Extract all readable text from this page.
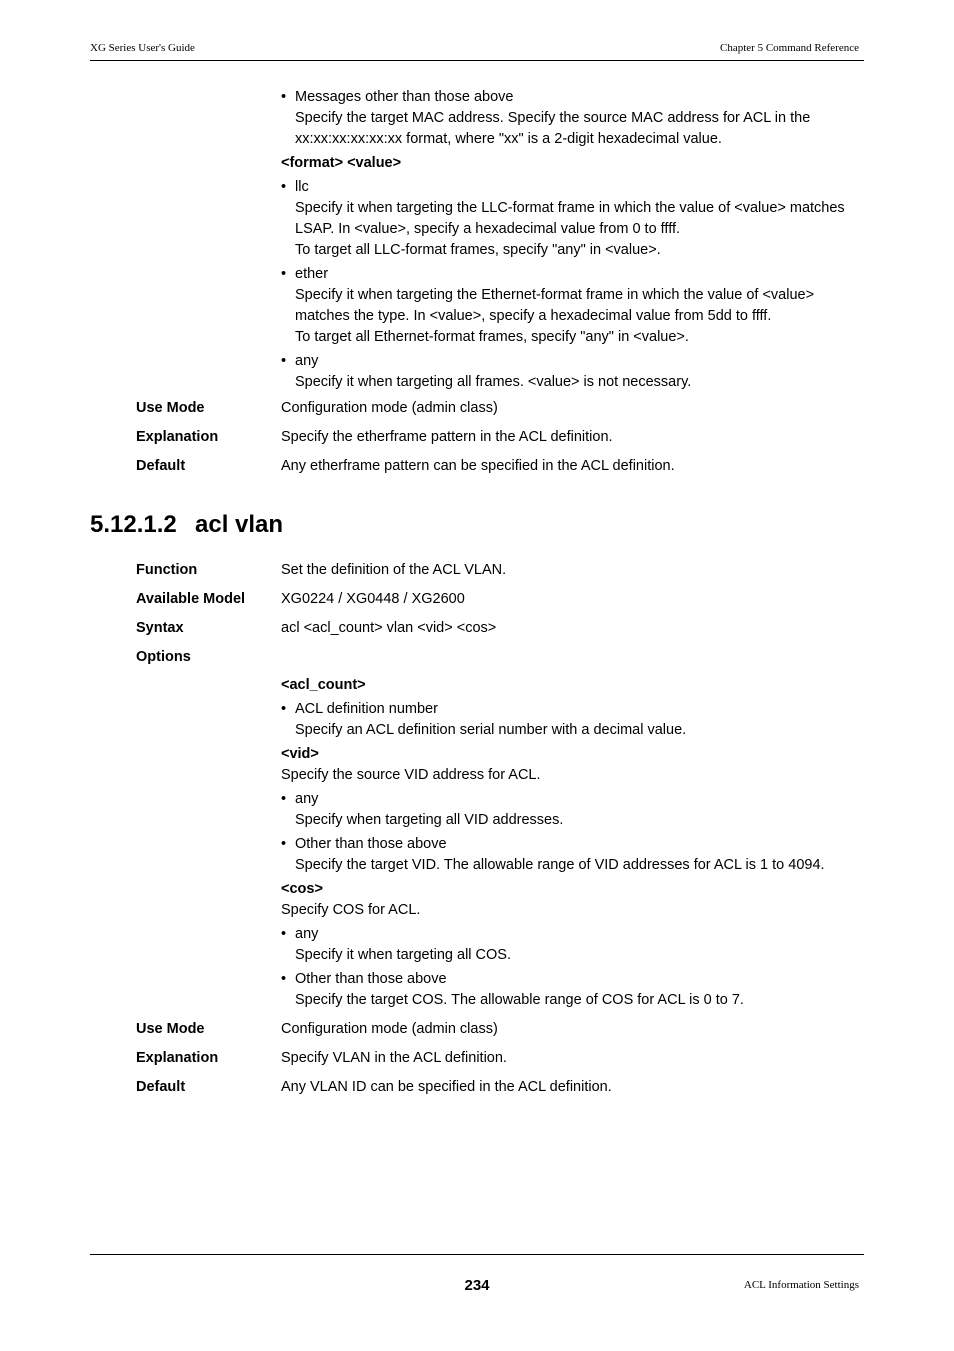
XG Series User's Guide	Chapter 5 Command Reference
• Messages other than those above
Specify the target MAC address. Specify the source MAC address for ACL in the
xx:xx:xx:xx:xx:xx format, where "xx" is a 2-digit hexadecimal value.
<format> <value>
• llc
Specify it when targeting the LLC-format frame in which the value of <value> matches
LSAP. In <value>, specify a hexadecimal value from 0 to ffff.
To target all LLC-format frames, specify "any" in <value>.
• ether
Specify it when targeting the Ethernet-format frame in which the value of <value>
matches the type. In <value>, specify a hexadecimal value from 5dd to ffff.
To target all Ethernet-format frames, specify "any" in <value>.
• any
Specify it when targeting all frames. <value> is not necessary.
Use Mode	Configuration mode (admin class)
Explanation	Specify the etherframe pattern in the ACL definition.
Default	Any etherframe pattern can be specified in the ACL definition.
5.12.1.2 acl vlan
Function	Set the definition of the ACL VLAN.
Available Model XG0224 / XG0448 / XG2600
Syntax	acl <acl_count> vlan <vid> <cos>
Options
<acl_count>
• ACL definition number
Specify an ACL definition serial number with a decimal value.
<vid>
Specify the source VID address for ACL.
• any
Specify when targeting all VID addresses.
• Other than those above
Specify the target VID. The allowable range of VID addresses for ACL is 1 to 4094.
<cos>
Specify COS for ACL.
• any
Specify it when targeting all COS.
• Other than those above
Specify the target COS. The allowable range of COS for ACL is 0 to 7.
Use Mode	Configuration mode (admin class)
Explanation	Specify VLAN in the ACL definition.
Default	Any VLAN ID can be specified in the ACL definition.
234	ACL Information Settings
